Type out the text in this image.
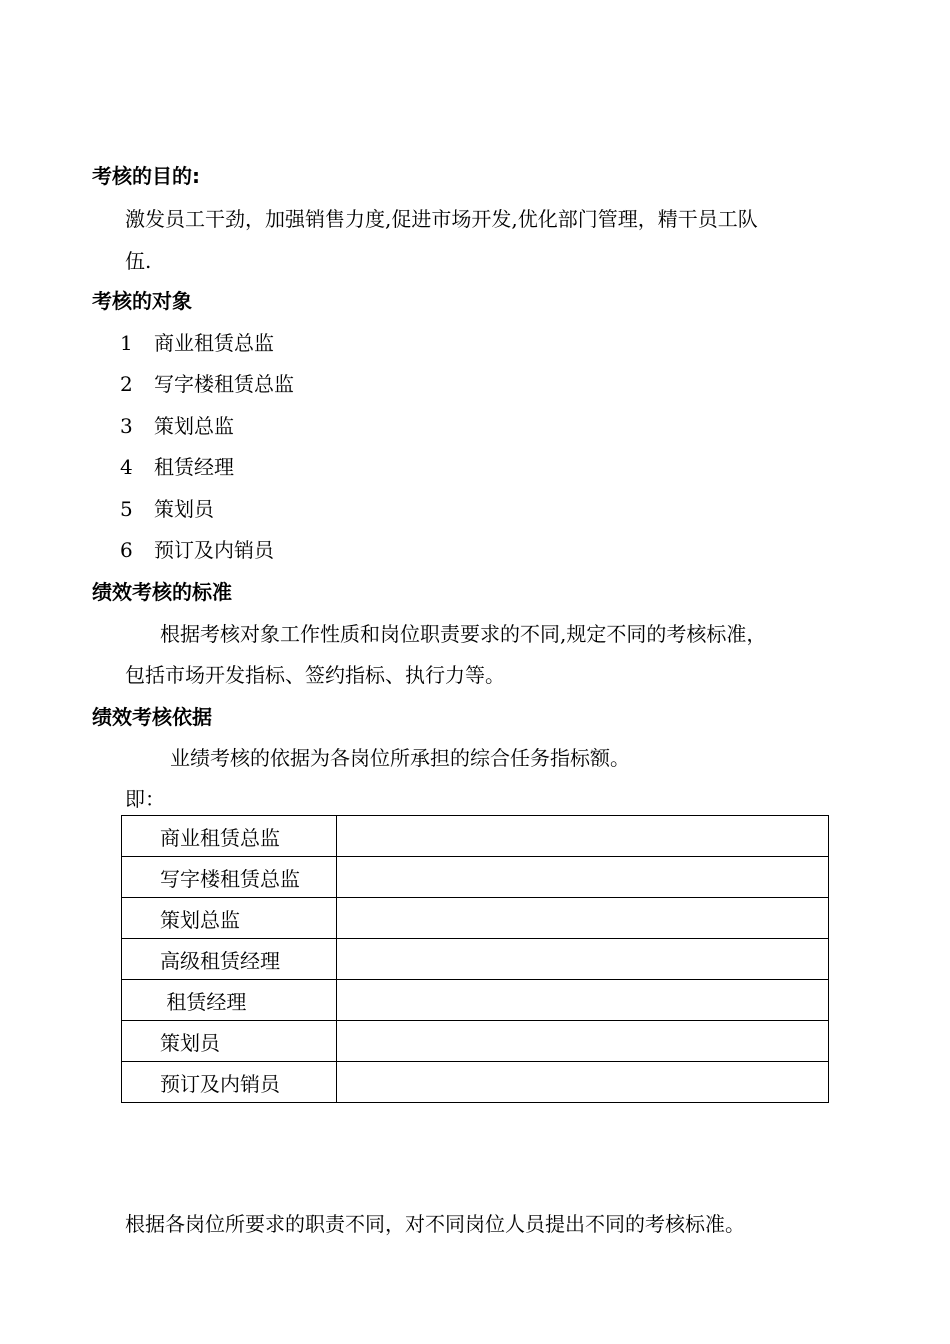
考核的目的:
激发员工干劲，加强销售力度,促进市场开发,优化部门管理，精干员工队
伍.
考核的对象
1 商业租赁总监
2 写字楼租赁总监
3 策划总监
4 租赁经理
5 策划员
6 预订及内销员
绩效考核的标准
根据考核对象工作性质和岗位职责要求的不同,规定不同的考核标准，
包括市场开发指标、签约指标、执行力等。
绩效考核依据
业绩考核的依据为各岗位所承担的综合任务指标额。
即：
商业租赁总监	
写字楼租赁总监	
策划总监	
高级租赁经理	
租赁经理	
策划员	
预订及内销员	
根据各岗位所要求的职责不同，对不同岗位人员提出不同的考核标准。
